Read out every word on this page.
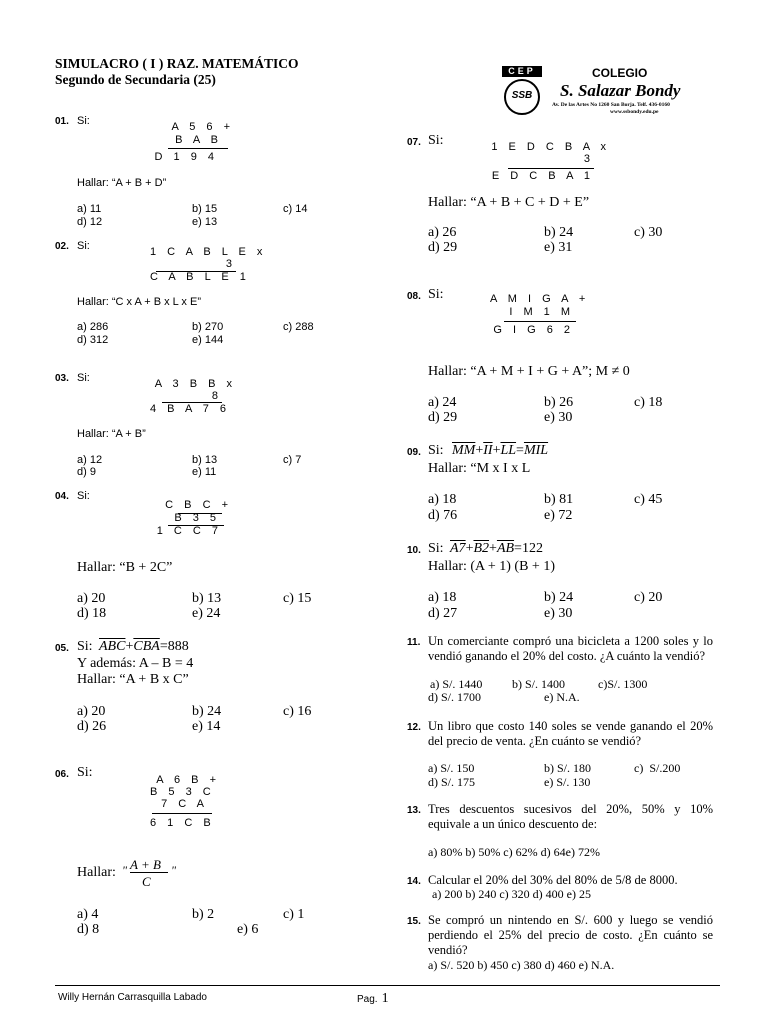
SIMULACRO ( I ) RAZ. MATEMÁTICO
Segundo de Secundaria (25)
CEP
SSB
COLEGIO
S. Salazar Bondy
Av. De las Artes No 1260 San Borja. Telf. 436-0160
www.ssbondy.edu.pe
01. Si:	A 5 6 +
B A B
D 1 9 4
Hallar: “A + B + D”
a) 11	b) 15	c) 14
d) 12	e) 13
02. Si:	1 C A B L E x
3
C A B L E 1
Hallar: “C x A + B x L x E”
a) 286	b) 270	c) 288
d) 312	e) 144
03. Si:	A 3 B B x
8
4 B A 7 6
Hallar: “A + B”
a) 12	b) 13	c) 7
d) 9	e) 11
04. Si:
C B C +
B 3 5
1 C C 7
Hallar: “B + 2C”
a) 20	b) 13	c) 15
d) 18	e) 24
05. Si: $\overline{ABC}+\overline{CBA}=888$
Y además: A – B = 4
Hallar: “A + B x C”
a) 20	b) 24	c) 16
d) 26	e) 14
06. Si:	A 6 B +
B 5 3 C
7 C A
6 1 C B
Hallar: " A + B
C
"
a) 4	b) 2	c) 1
d) 8	e) 6
07. Si:	1 E D C B A x
3
E D C B A 1
Hallar: “A + B + C + D + E”
a) 26	b) 24	c) 30
d) 29	e) 31
08. Si:	A M I G A +
I M 1 M
G I G 6 2
Hallar: “A + M + I + G + A”; M ≠ 0
a) 24	b) 26	c) 18
d) 29	e) 30
09. Si: $\overline{MM}+\overline{II}+\overline{LL}=\overline{MIL}$
Hallar: “M x I x L
a) 18	b) 81	c) 45
d) 76	e) 72
10. Si: $A7+B2+\overline{AB}=122$
Hallar: (A + 1) (B + 1)
a) 18	b) 24	c) 20
d) 27	e) 30
11. Un comerciante compró una bicicleta a 1200 soles y lo vendió ganando el 20% del costo. ¿A cuánto la vendió?
a) S/. 1440 b) S/. 1400	c)S/. 1300
d) S/. 1700	e) N.A.
12. Un libro que costo 140 soles se vende ganando el 20% del precio de venta. ¿En cuánto se vendió?
a) S/. 150	b) S/. 180	c)  S/.200
d) S/. 175	e) S/. 130
13. Tres descuentos sucesivos del 20%, 50% y 10% equivale a un único descuento de:
a) 80% b) 50% c) 62% d) 64e) 72%
14. Calcular el 20% del 30% del 80% de 5/8 de 8000.
a) 200 b) 240 c) 320 d) 400 e) 25
15. Se compró un nintendo en S/. 600 y luego se vendió perdiendo el 25% del precio de costo. ¿En cuánto se vendió?
a) S/. 520 b) 450 c) 380 d) 460 e) N.A.
Willy Hernán Carrasquilla Labado	Pag. 1
